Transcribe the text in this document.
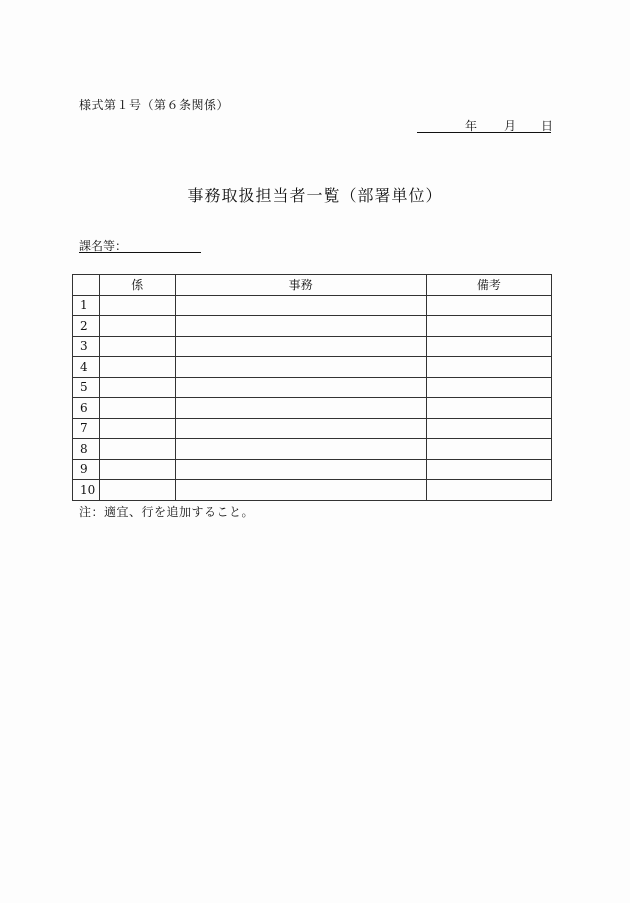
様式第１号（第６条関係）
年 月 日
事務取扱担当者一覧（部署単位）
課名等：
	係	事務	備考
1			
2			
3			
4			
5			
6			
7			
8			
9			
10			
注：適宜、行を追加すること。
